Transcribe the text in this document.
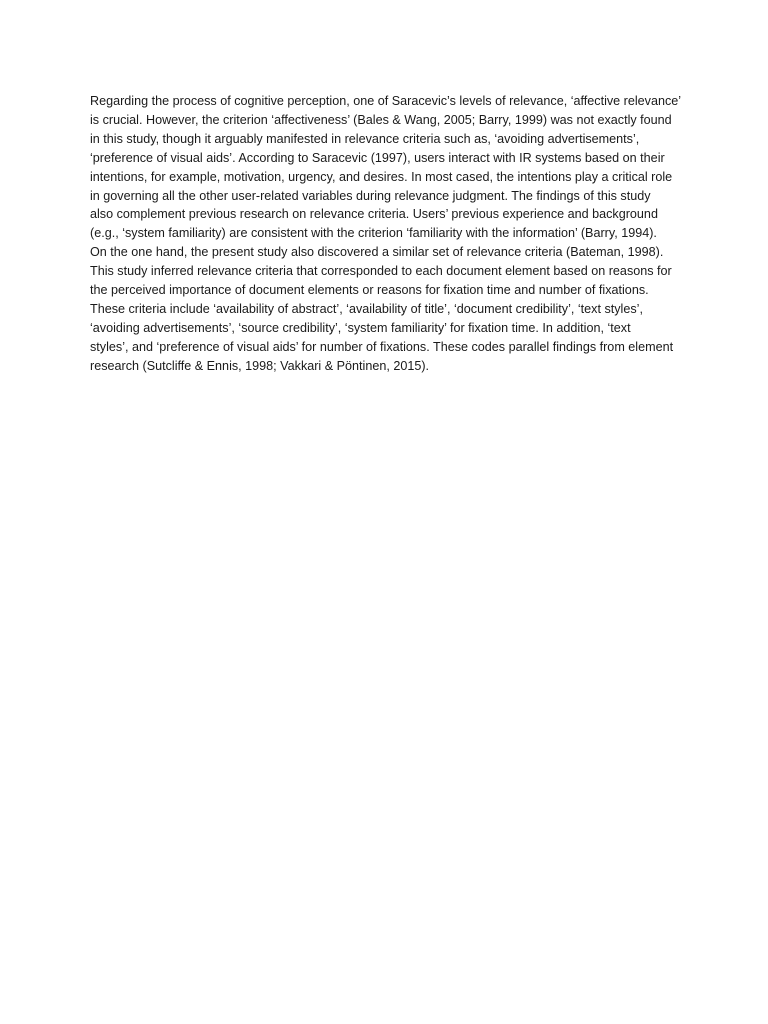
Regarding the process of cognitive perception, one of Saracevic’s levels of relevance, ‘affective relevance’
is crucial. However, the criterion ‘affectiveness’ (Bales & Wang, 2005; Barry, 1999) was not exactly found
in this study, though it arguably manifested in relevance criteria such as, ‘avoiding advertisements’,
‘preference of visual aids’. According to Saracevic (1997), users interact with IR systems based on their
intentions, for example, motivation, urgency, and desires. In most cased, the intentions play a critical role
in governing all the other user-related variables during relevance judgment. The findings of this study
also complement previous research on relevance criteria. Users’ previous experience and background
(e.g., ‘system familiarity) are consistent with the criterion ‘familiarity with the information’ (Barry, 1994).
On the one hand, the present study also discovered a similar set of relevance criteria (Bateman, 1998).
This study inferred relevance criteria that corresponded to each document element based on reasons for
the perceived importance of document elements or reasons for fixation time and number of fixations.
These criteria include ‘availability of abstract’, ‘availability of title’, ‘document credibility’, ‘text styles’,
‘avoiding advertisements’, ‘source credibility’, ‘system familiarity’ for fixation time. In addition, ‘text
styles’, and ‘preference of visual aids’ for number of fixations. These codes parallel findings from element
research (Sutcliffe & Ennis, 1998; Vakkari & Pöntinen, 2015).
